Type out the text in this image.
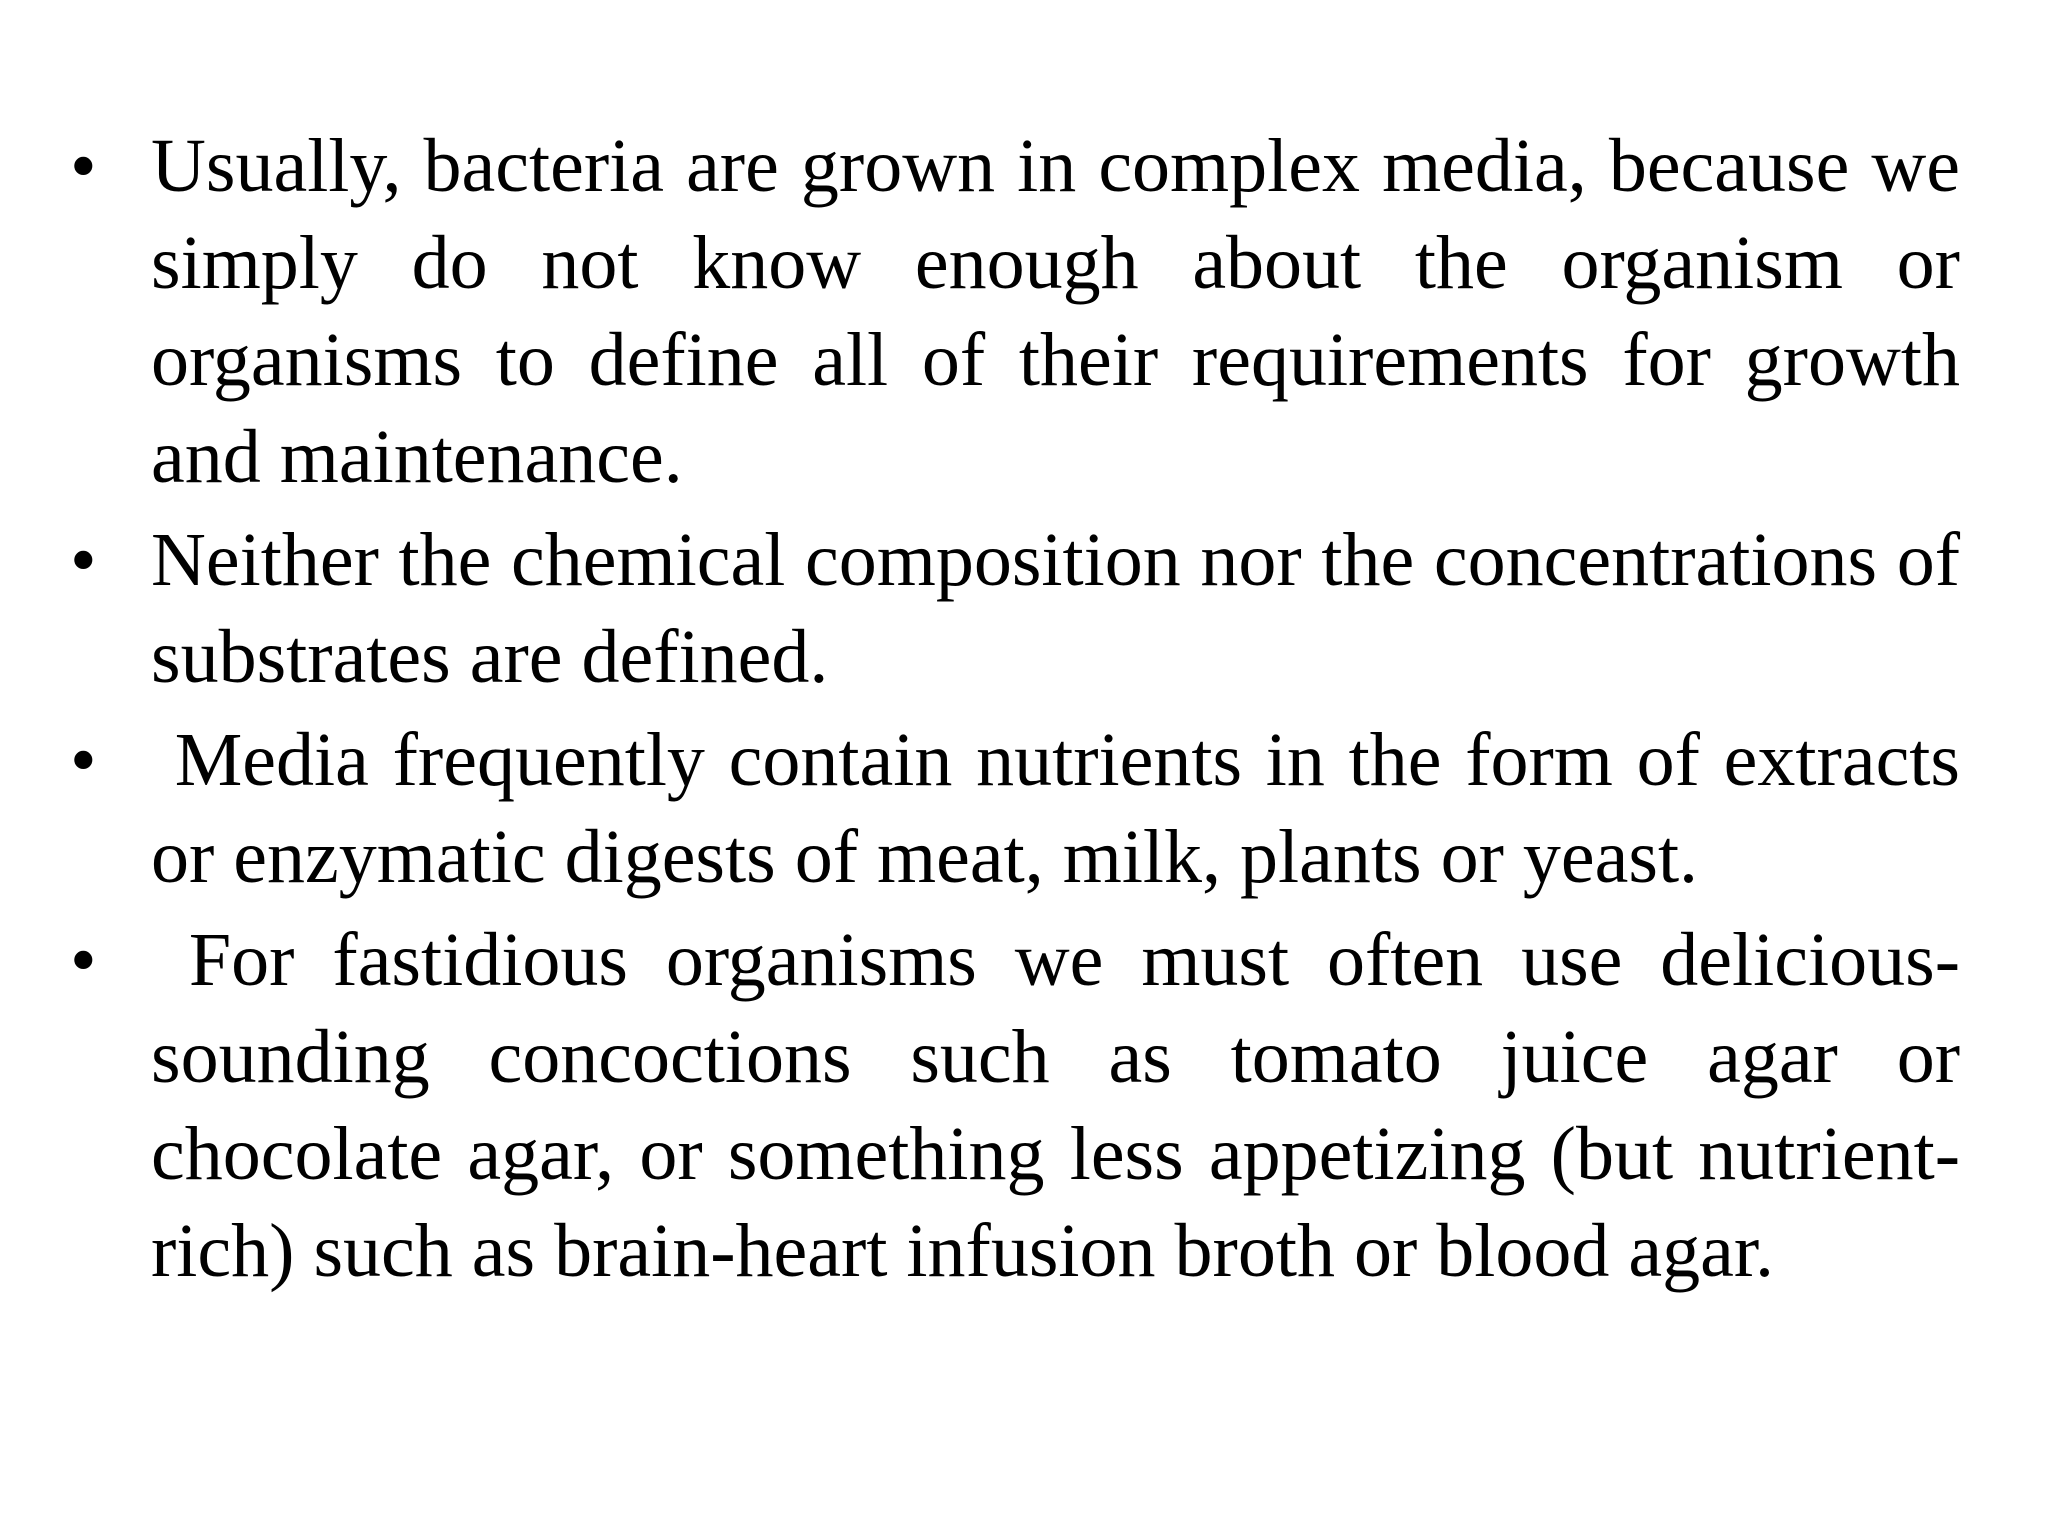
• Usually, bacteria are grown in complex media, because we simply do not know enough about the organism or organisms to define all of their requirements for growth and maintenance.
• Neither the chemical composition nor the concentrations of substrates are defined.
• Media frequently contain nutrients in the form of extracts or enzymatic digests of meat, milk, plants or yeast.
• For fastidious organisms we must often use delicious-sounding concoctions such as tomato juice agar or chocolate agar, or something less appetizing (but nutrient-rich) such as brain-heart infusion broth or blood agar.
